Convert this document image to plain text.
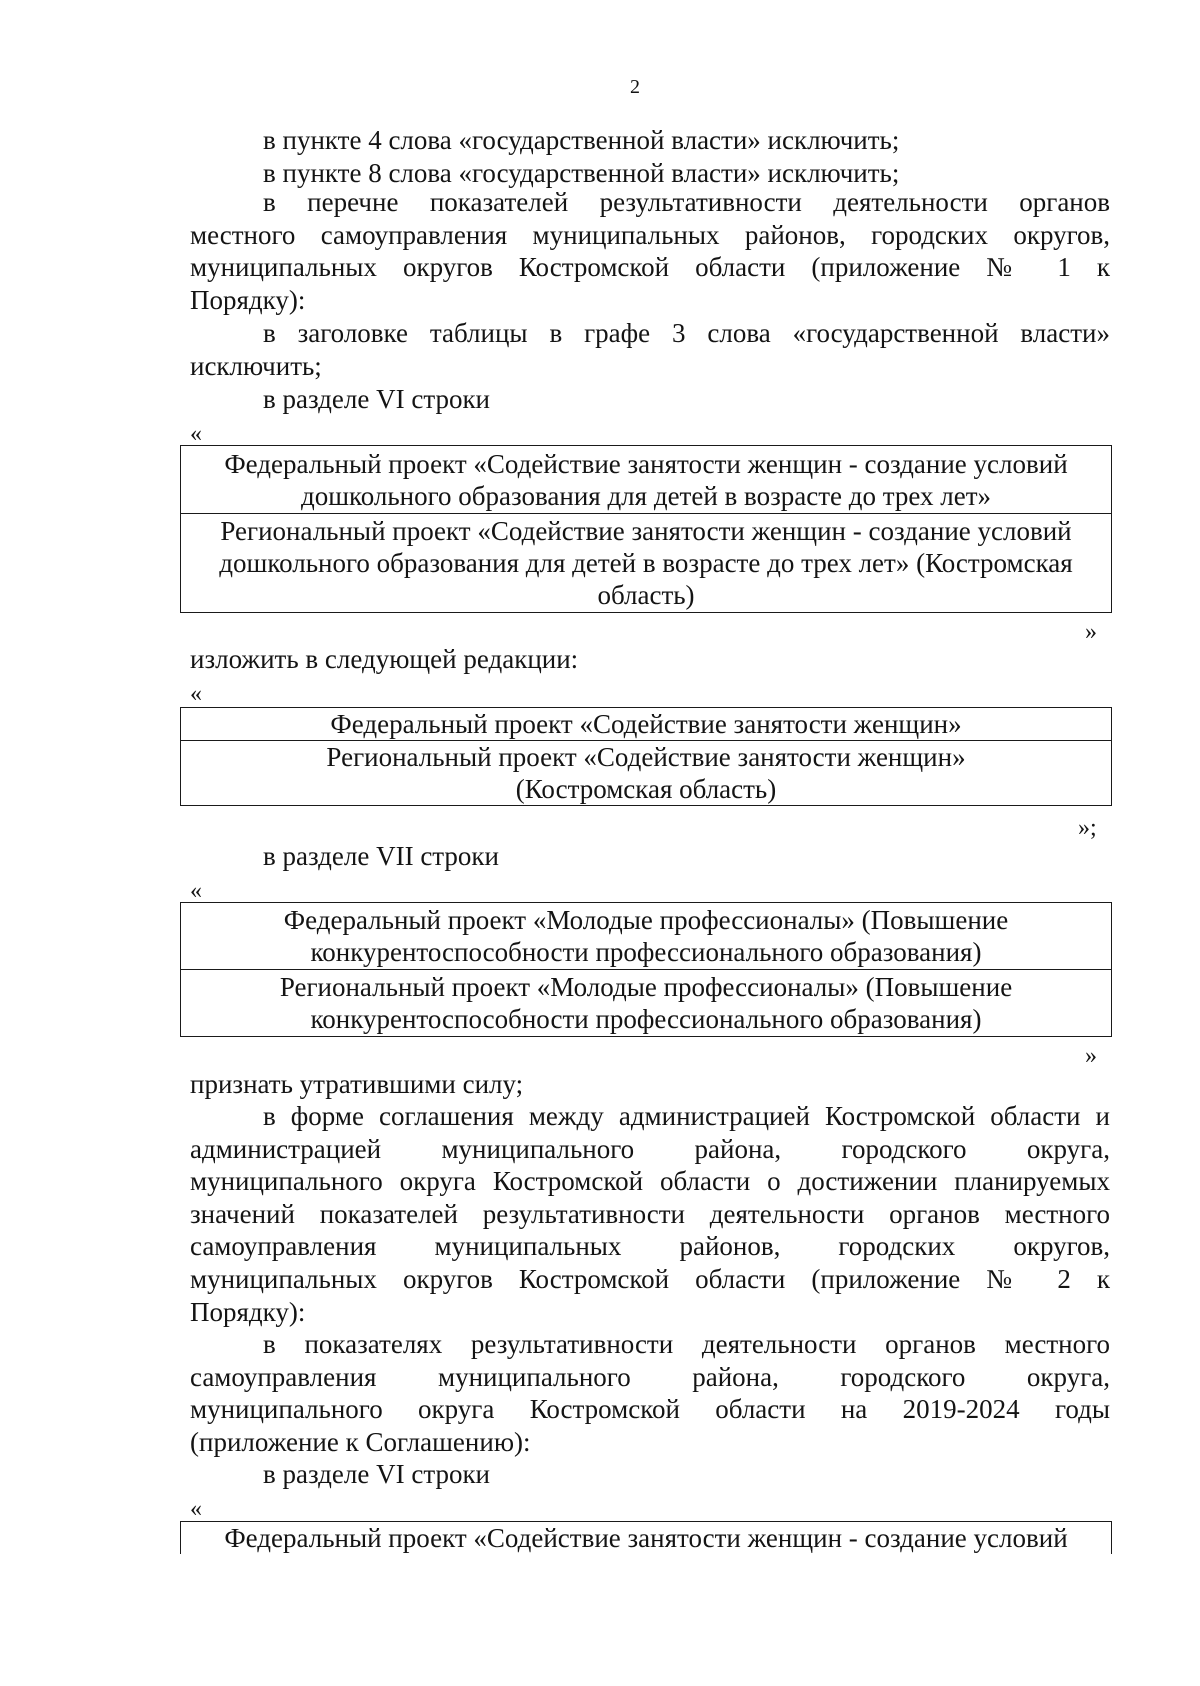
2
в пункте 4 слова «государственной власти» исключить;
в пункте 8 слова «государственной власти» исключить;
в перечне показателей результативности деятельности органов
местного самоуправления муниципальных районов, городских округов,
муниципальных округов Костромской области (приложение № 1 к
Порядку):
в заголовке таблицы в графе 3 слова «государственной власти»
исключить;
в разделе VI строки
«
Федеральный проект «Содействие занятости женщин - создание условий
дошкольного образования для детей в возрасте до трех лет»
Региональный проект «Содействие занятости женщин - создание условий
дошкольного образования для детей в возрасте до трех лет» (Костромская
область)
»
изложить в следующей редакции:
«
Федеральный проект «Содействие занятости женщин»
Региональный проект «Содействие занятости женщин»
(Костромская область)
»;
в разделе VII строки
«
Федеральный проект «Молодые профессионалы» (Повышение
конкурентоспособности профессионального образования)
Региональный проект «Молодые профессионалы» (Повышение
конкурентоспособности профессионального образования)
»
признать утратившими силу;
в форме соглашения между администрацией Костромской области и
администрацией муниципального района, городского округа,
муниципального округа Костромской области о достижении планируемых
значений показателей результативности деятельности органов местного
самоуправления муниципальных районов, городских округов,
муниципальных округов Костромской области (приложение № 2 к
Порядку):
в показателях результативности деятельности органов местного
самоуправления муниципального района, городского округа,
муниципального округа Костромской области на 2019-2024 годы
(приложение к Соглашению):
в разделе VI строки
«
Федеральный проект «Содействие занятости женщин - создание условий
